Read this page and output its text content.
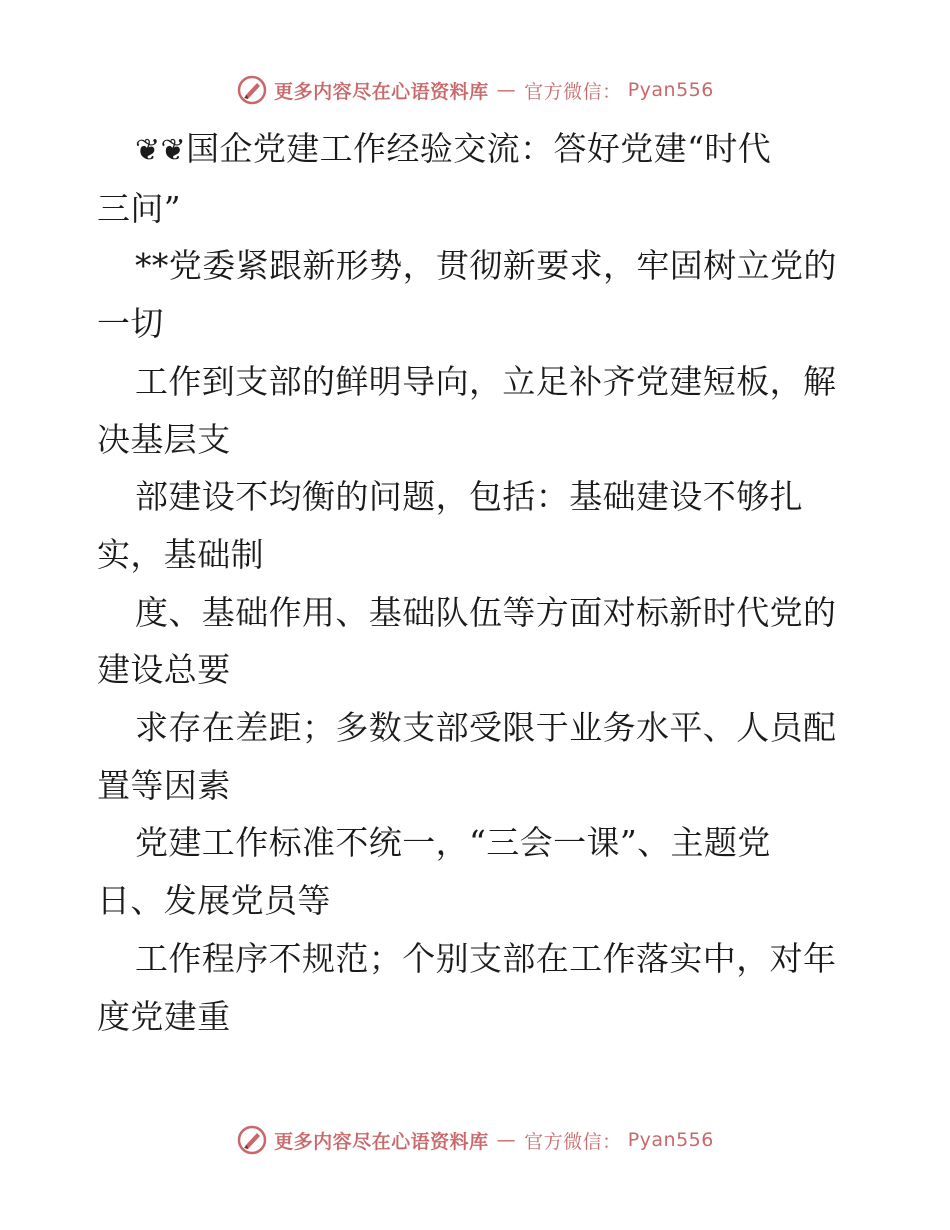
更多内容尽在心语资料库 — 官方微信： Pyan556
❦❦国企党建工作经验交流：答好党建“时代
三问”
**党委紧跟新形势，贯彻新要求，牢固树立党的
一切
工作到支部的鲜明导向，立足补齐党建短板，解
决基层支
部建设不均衡的问题，包括：基础建设不够扎
实，基础制
度、基础作用、基础队伍等方面对标新时代党的
建设总要
求存在差距；多数支部受限于业务水平、人员配
置等因素
党建工作标准不统一，“三会一课”、主题党
日、发展党员等
工作程序不规范；个别支部在工作落实中，对年
度党建重
更多内容尽在心语资料库 — 官方微信： Pyan556
